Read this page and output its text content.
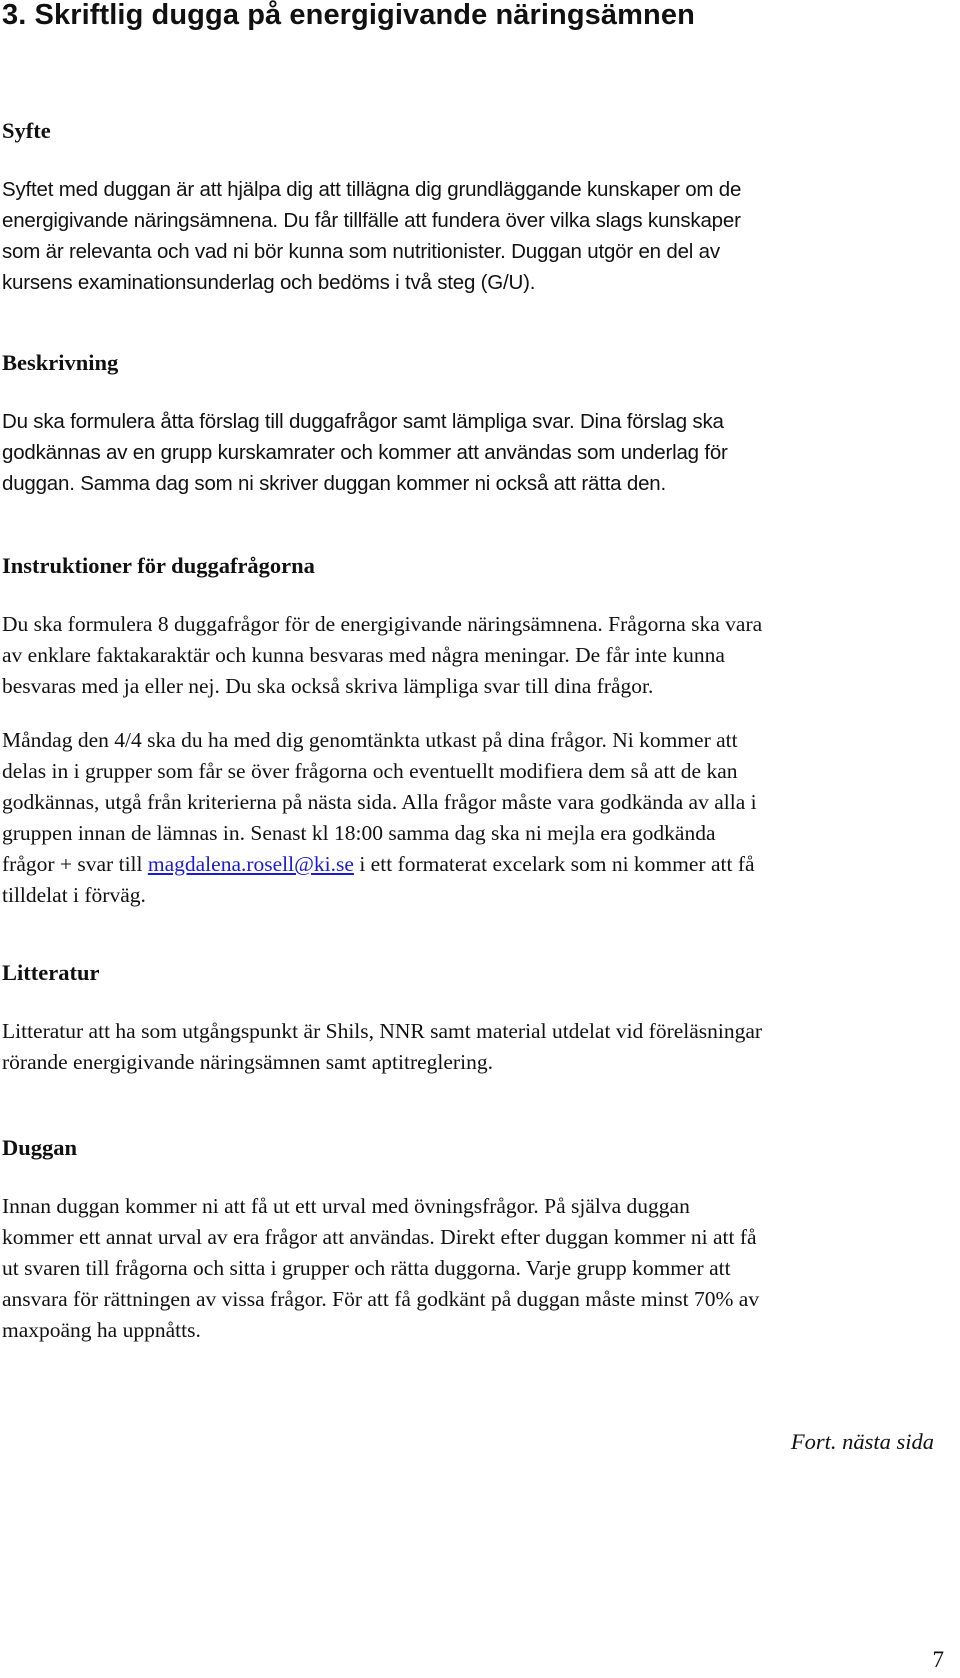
3. Skriftlig dugga på energigivande näringsämnen
Syfte
Syftet med duggan är att hjälpa dig att tillägna dig grundläggande kunskaper om de
energigivande näringsämnena. Du får tillfälle att fundera över vilka slags kunskaper
som är relevanta och vad ni bör kunna som nutritionister. Duggan utgör en del av
kursens examinationsunderlag och bedöms i två steg (G/U).
Beskrivning
Du ska formulera åtta förslag till duggafrågor samt lämpliga svar. Dina förslag ska
godkännas av en grupp kurskamrater och kommer att användas som underlag för
duggan. Samma dag som ni skriver duggan kommer ni också att rätta den.
Instruktioner för duggafrågorna
Du ska formulera 8 duggafrågor för de energigivande näringsämnena. Frågorna ska vara
av enklare faktakaraktär och kunna besvaras med några meningar. De får inte kunna
besvaras med ja eller nej. Du ska också skriva lämpliga svar till dina frågor.
Måndag den 4/4 ska du ha med dig genomtänkta utkast på dina frågor. Ni kommer att
delas in i grupper som får se över frågorna och eventuellt modifiera dem så att de kan
godkännas, utgå från kriterierna på nästa sida. Alla frågor måste vara godkända av alla i
gruppen innan de lämnas in. Senast kl 18:00 samma dag ska ni mejla era godkända
frågor + svar till magdalena.rosell@ki.se i ett formaterat excelark som ni kommer att få
tilldelat i förväg.
Litteratur
Litteratur att ha som utgångspunkt är Shils, NNR samt material utdelat vid föreläsningar
rörande energigivande näringsämnen samt aptitreglering.
Duggan
Innan duggan kommer ni att få ut ett urval med övningsfrågor. På själva duggan
kommer ett annat urval av era frågor att användas. Direkt efter duggan kommer ni att få
ut svaren till frågorna och sitta i grupper och rätta duggorna. Varje grupp kommer att
ansvara för rättningen av vissa frågor. För att få godkänt på duggan måste minst 70% av
maxpoäng ha uppnåtts.

Fort. nästa sida

7
